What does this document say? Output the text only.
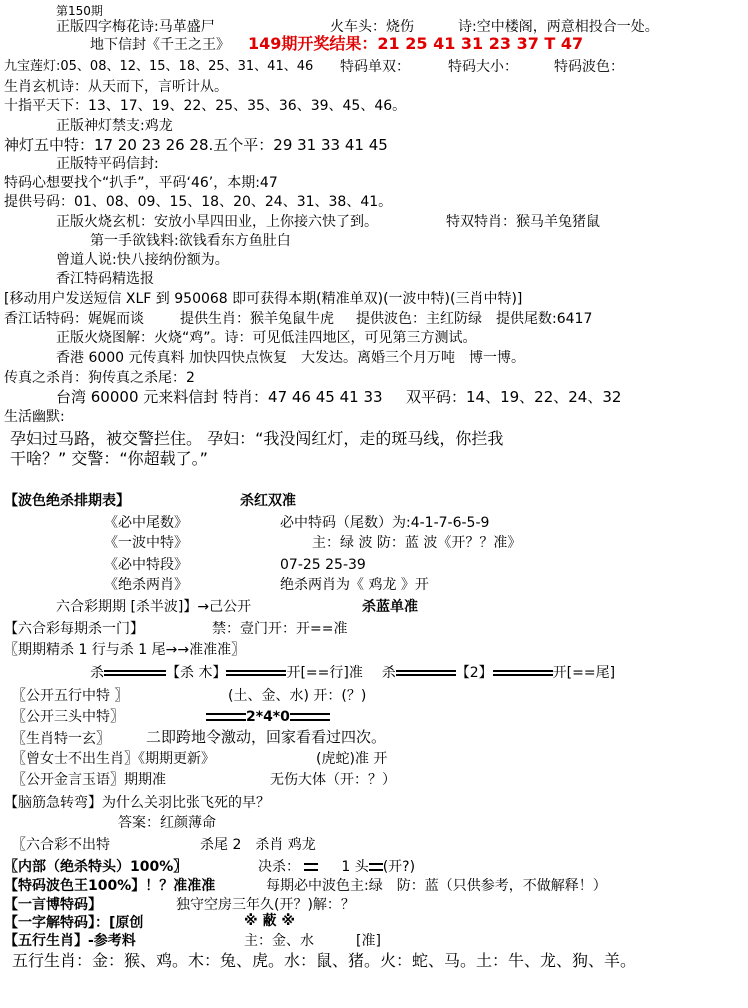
第150期
正版四字梅花诗:马革盛尸	火车头：烧伤	诗:空中楼阁，两意相投合一处。
地下信封《千王之王》 149期开奖结果：21 25 41 31 23 37 T 47
九宝莲灯:05、08、12、15、18、25、31、41、46 特码单双：	特码大小：	特码波色：
生肖玄机诗：从天而下，言听计从。
十指平天下：13、17、19、22、25、35、36、39、45、46。
正版神灯禁支:鸡龙
神灯五中特：17 20 23 26 28.五个平：29 31 33 41 45
正版特平码信封:
特码心想要找个“扒手”，平码‘46’，本期:47
提供号码：01、08、09、15、18、20、24、31、38、41。
正版火烧玄机：安放小旱四田业，上你接六快了到。	特双特肖：猴马羊兔猪鼠
第一手欲钱料:欲钱看东方鱼肚白
曾道人说:快八接纳份额为。
香江特码精选报
[移动用户发送短信 XLF 到 950068 即可获得本期(精准单双)(一波中特)(三肖中特)]
香江话特码：娓娓而谈	提供生肖：猴羊兔鼠牛虎 提供波色：主红防绿 提供尾数:6417
正版火烧图解：火烧“鸡”。诗：可见低洼四地区，可见第三方测试。
香港 6000 元传真料 加快四快点恢复　大发达。离婚三个月万吨　博一博。
传真之杀肖：狗传真之杀尾：2
台湾 60000 元来料信封 特肖：47 46 45 41 33 双平码：14、19、22、24、32
生活幽默:
孕妇过马路，被交警拦住。 孕妇：“我没闯红灯，走的斑马线，你拦我
干啥？” 交警：“你超载了。”
【波色绝杀排期表】	杀红双准
《必中尾数》	必中特码（尾数）为:4-1-7-6-5-9
《一波中特》	主：绿 波 防：蓝 波《开？？准》
《必中特段》	07-25 25-39
《绝杀两肖》	绝杀两肖为《 鸡龙 》开
六合彩期期 [杀半波]】→己公开	杀蓝单准
【六合彩每期杀一门】	禁：壹门开：开==准
〖期期精杀 1 行与杀 1 尾→→准准准〗
杀	【杀 木】	开[==行]准 杀	【2】	开[==尾]
〖公开五行中特 〗	(土、金、水) 开：(？)
〖公开三头中特〗	2*4*0
〖生肖特一玄〗 二即跨地令激动，回家看看过四次。
〖曾女士不出生肖〗《期期更新》	(虎蛇)准 开
〖公开金言玉语〗期期准	无伤大体（开：？）
【脑筋急转弯】为什么关羽比张飞死的早？
答案：红颜薄命
〖六合彩不出特	杀尾 2　杀肖 鸡龙
〖内部（绝杀特头）100%〗	决杀：	1 头 (开?)
【特码波色王100%】！？准准准	每期必中波色主:绿　防：蓝（只供参考，不做解释！）
【一言博特码】	独守空房三年久(开？)解：？
【一字解特码】：[原创	※ 蔽 ※
【五行生肖】-参考料	主：金、水	[准]
五行生肖：金：猴、鸡。木：兔、虎。水：鼠、猪。火：蛇、马。土：牛、龙、狗、羊。
